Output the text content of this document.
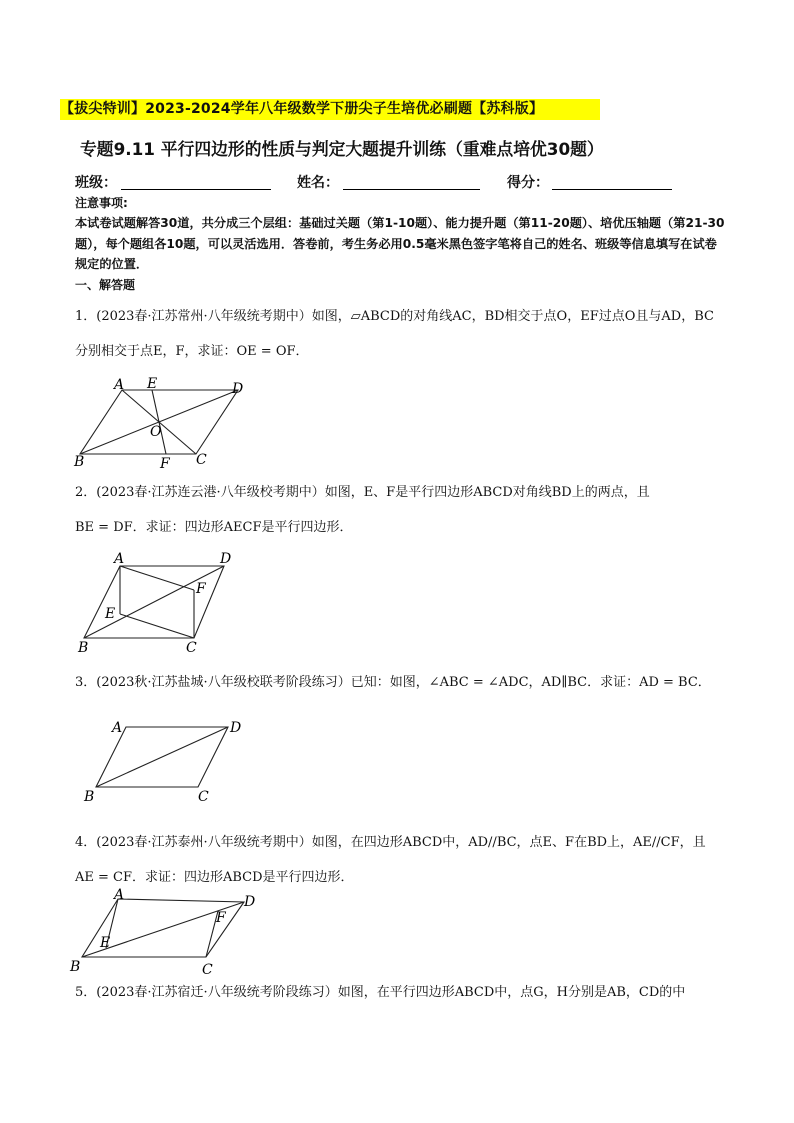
【拔尖特训】2023-2024学年八年级数学下册尖子生培优必刷题【苏科版】
专题9.11 平行四边形的性质与判定大题提升训练（重难点培优30题）
班级：	姓名：	得分：
注意事项:
本试卷试题解答30道，共分成三个层组：基础过关题（第1-10题）、能力提升题（第11-20题）、培优压轴题（第21-30题），每个题组各10题，可以灵活选用．答卷前，考生务必用0.5毫米黑色签字笔将自己的姓名、班级等信息填写在试卷规定的位置．
一、解答题
1．(2023春·江苏常州·八年级统考期中）如图，▱ABCD的对角线AC，BD相交于点O，EF过点O且与AD，BC
分别相交于点E，F，求证：OE = OF．
A E	D
O
B	F C
2．(2023春·江苏连云港·八年级校考期中）如图，E、F是平行四边形ABCD对角线BD上的两点，且
BE = DF．求证：四边形AECF是平行四边形．
A	D
F
E
B	C
3．(2023秋·江苏盐城·八年级校联考阶段练习）已知：如图，∠ABC = ∠ADC，AD∥BC．求证：AD = BC．
A	D
B	C
4．(2023春·江苏泰州·八年级统考期中）如图，在四边形ABCD中，AD//BC，点E、F在BD上，AE//CF，且
AE = CF．求证：四边形ABCD是平行四边形．
A	D
F
E
B	C
5．(2023春·江苏宿迁·八年级统考阶段练习）如图，在平行四边形ABCD中，点G，H分别是AB，CD的中
